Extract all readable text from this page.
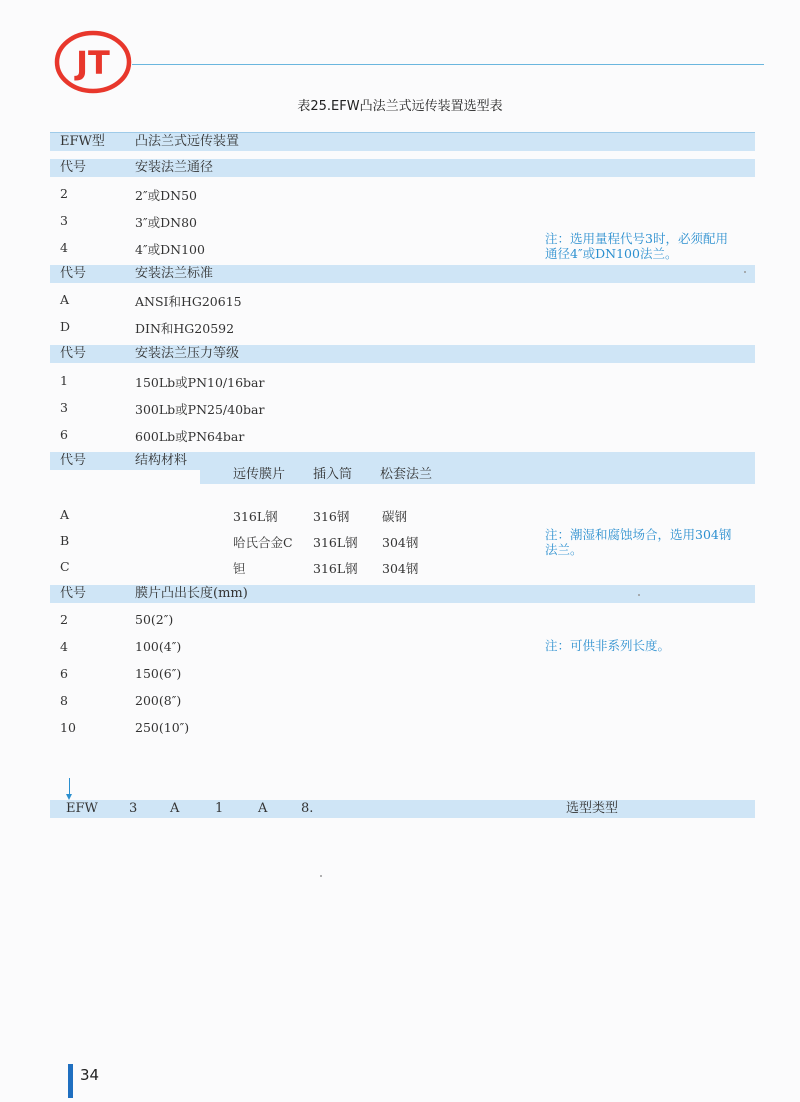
JT
表25.EFW凸法兰式远传装置选型表
EFW型 凸法兰式远传装置
代号	安装法兰通径
2	2″或DN50
3	3″或DN80
4	4″或DN100
注：选用量程代号3时，必须配用
通径4″或DN100法兰。
代号	安装法兰标准
A	ANSI和HG20615
D	DIN和HG20592
代号	安装法兰压力等级
1	150Lb或PN10/16bar
3	300Lb或PN25/40bar
6	600Lb或PN64bar
代号	结构材料
远传膜片 插入筒 松套法兰
A	316L钢	316钢	碳钢
B	哈氏合金C 316L钢 304钢
C	钽	316L钢 304钢
注：潮湿和腐蚀场合，选用304钢
法兰。
代号	膜片凸出长度(mm)
2	50(2″)
4	100(4″)
6	150(6″)
8	200(8″)
10	250(10″)
注：可供非系列长度。
EFW 3	A	1	A	8.	选型类型
34
